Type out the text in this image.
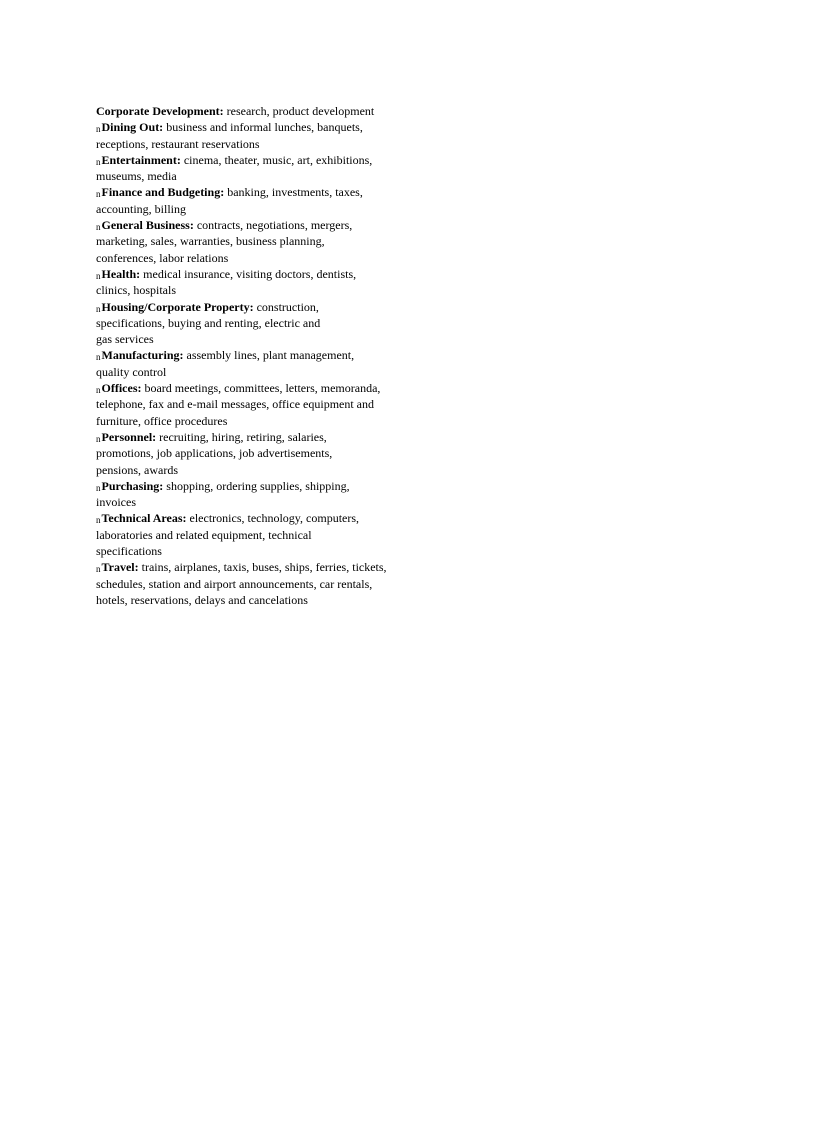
Corporate Development: research, product development
nDining Out: business and informal lunches, banquets,
receptions, restaurant reservations
nEntertainment: cinema, theater, music, art, exhibitions,
museums, media
nFinance and Budgeting: banking, investments, taxes,
accounting, billing
nGeneral Business: contracts, negotiations, mergers,
marketing, sales, warranties, business planning,
conferences, labor relations
nHealth: medical insurance, visiting doctors, dentists,
clinics, hospitals
nHousing/Corporate Property: construction,
specifications, buying and renting, electric and
gas services
nManufacturing: assembly lines, plant management,
quality control
nOffices: board meetings, committees, letters, memoranda,
telephone, fax and e-mail messages, office equipment and
furniture, office procedures
nPersonnel: recruiting, hiring, retiring, salaries,
promotions, job applications, job advertisements,
pensions, awards
nPurchasing: shopping, ordering supplies, shipping,
invoices
nTechnical Areas: electronics, technology, computers,
laboratories and related equipment, technical
specifications
nTravel: trains, airplanes, taxis, buses, ships, ferries, tickets,
schedules, station and airport announcements, car rentals,
hotels, reservations, delays and cancelations
